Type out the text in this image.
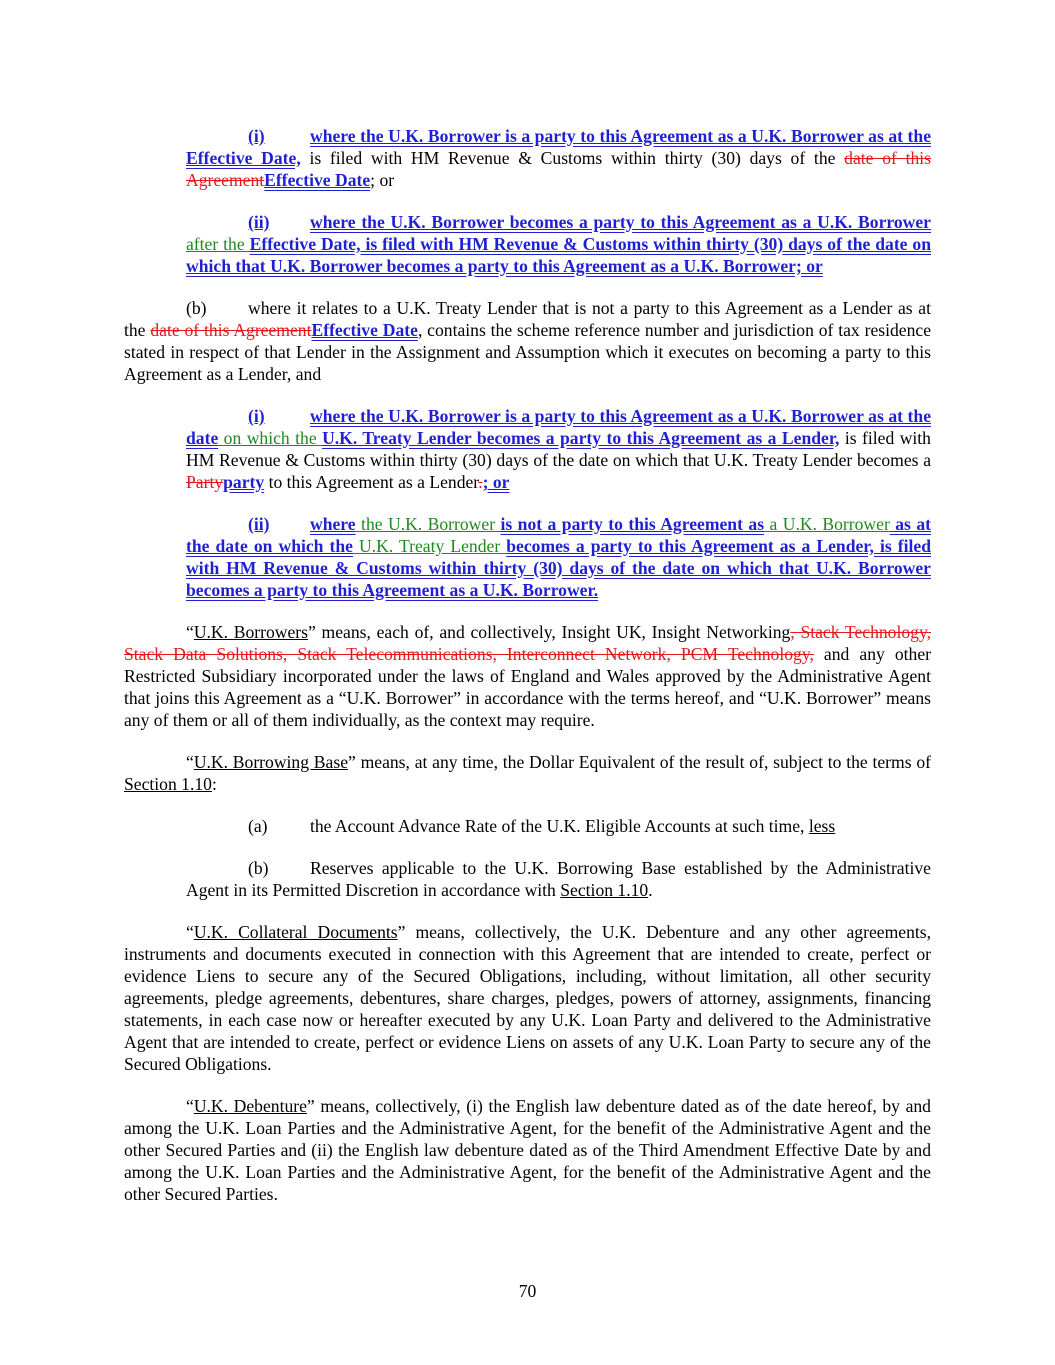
(i)	where the U.K. Borrower is a party to this Agreement as a U.K. Borrower as at the Effective Date, is filed with HM Revenue & Customs within thirty (30) days of the date of this AgreementEffective Date; or

(ii) where the U.K. Borrower becomes a party to this Agreement as a U.K. Borrower after the Effective Date, is filed with HM Revenue & Customs within thirty (30) days of the date on which that U.K. Borrower becomes a party to this Agreement as a U.K. Borrower; or

(b) where it relates to a U.K. Treaty Lender that is not a party to this Agreement as a Lender as at the date of this AgreementEffective Date, contains the scheme reference number and jurisdiction of tax residence stated in respect of that Lender in the Assignment and Assumption which it executes on becoming a party to this Agreement as a Lender, and

(i)	where the U.K. Borrower is a party to this Agreement as a U.K. Borrower as at the date on which the U.K. Treaty Lender becomes a party to this Agreement as a Lender, is filed with HM Revenue & Customs within thirty (30) days of the date on which that U.K. Treaty Lender becomes a Partyparty to this Agreement as a Lender.; or

(ii) where the U.K. Borrower is not a party to this Agreement as a U.K. Borrower as at the date on which the U.K. Treaty Lender becomes a party to this Agreement as a Lender, is filed with HM Revenue & Customs within thirty (30) days of the date on which that U.K. Borrower becomes a party to this Agreement as a U.K. Borrower.

“U.K. Borrowers” means, each of, and collectively, Insight UK, Insight Networking, Stack Technology, Stack Data Solutions, Stack Telecommunications, Interconnect Network, PCM Technology, and any other Restricted Subsidiary incorporated under the laws of England and Wales approved by the Administrative Agent that joins this Agreement as a “U.K. Borrower” in accordance with the terms hereof, and “U.K. Borrower” means any of them or all of them individually, as the context may require.

“U.K. Borrowing Base” means, at any time, the Dollar Equivalent of the result of, subject to the terms of Section 1.10:

(a) the Account Advance Rate of the U.K. Eligible Accounts at such time, less

(b) Reserves applicable to the U.K. Borrowing Base established by the Administrative Agent in its Permitted Discretion in accordance with Section 1.10.

“U.K. Collateral Documents” means, collectively, the U.K. Debenture and any other agreements, instruments and documents executed in connection with this Agreement that are intended to create, perfect or evidence Liens to secure any of the Secured Obligations, including, without limitation, all other security agreements, pledge agreements, debentures, share charges, pledges, powers of attorney, assignments, financing statements, in each case now or hereafter executed by any U.K. Loan Party and delivered to the Administrative Agent that are intended to create, perfect or evidence Liens on assets of any U.K. Loan Party to secure any of the Secured Obligations.

“U.K. Debenture” means, collectively, (i) the English law debenture dated as of the date hereof, by and among the U.K. Loan Parties and the Administrative Agent, for the benefit of the Administrative Agent and the other Secured Parties and (ii) the English law debenture dated as of the Third Amendment Effective Date by and among the U.K. Loan Parties and the Administrative Agent, for the benefit of the Administrative Agent and the other Secured Parties.

70
